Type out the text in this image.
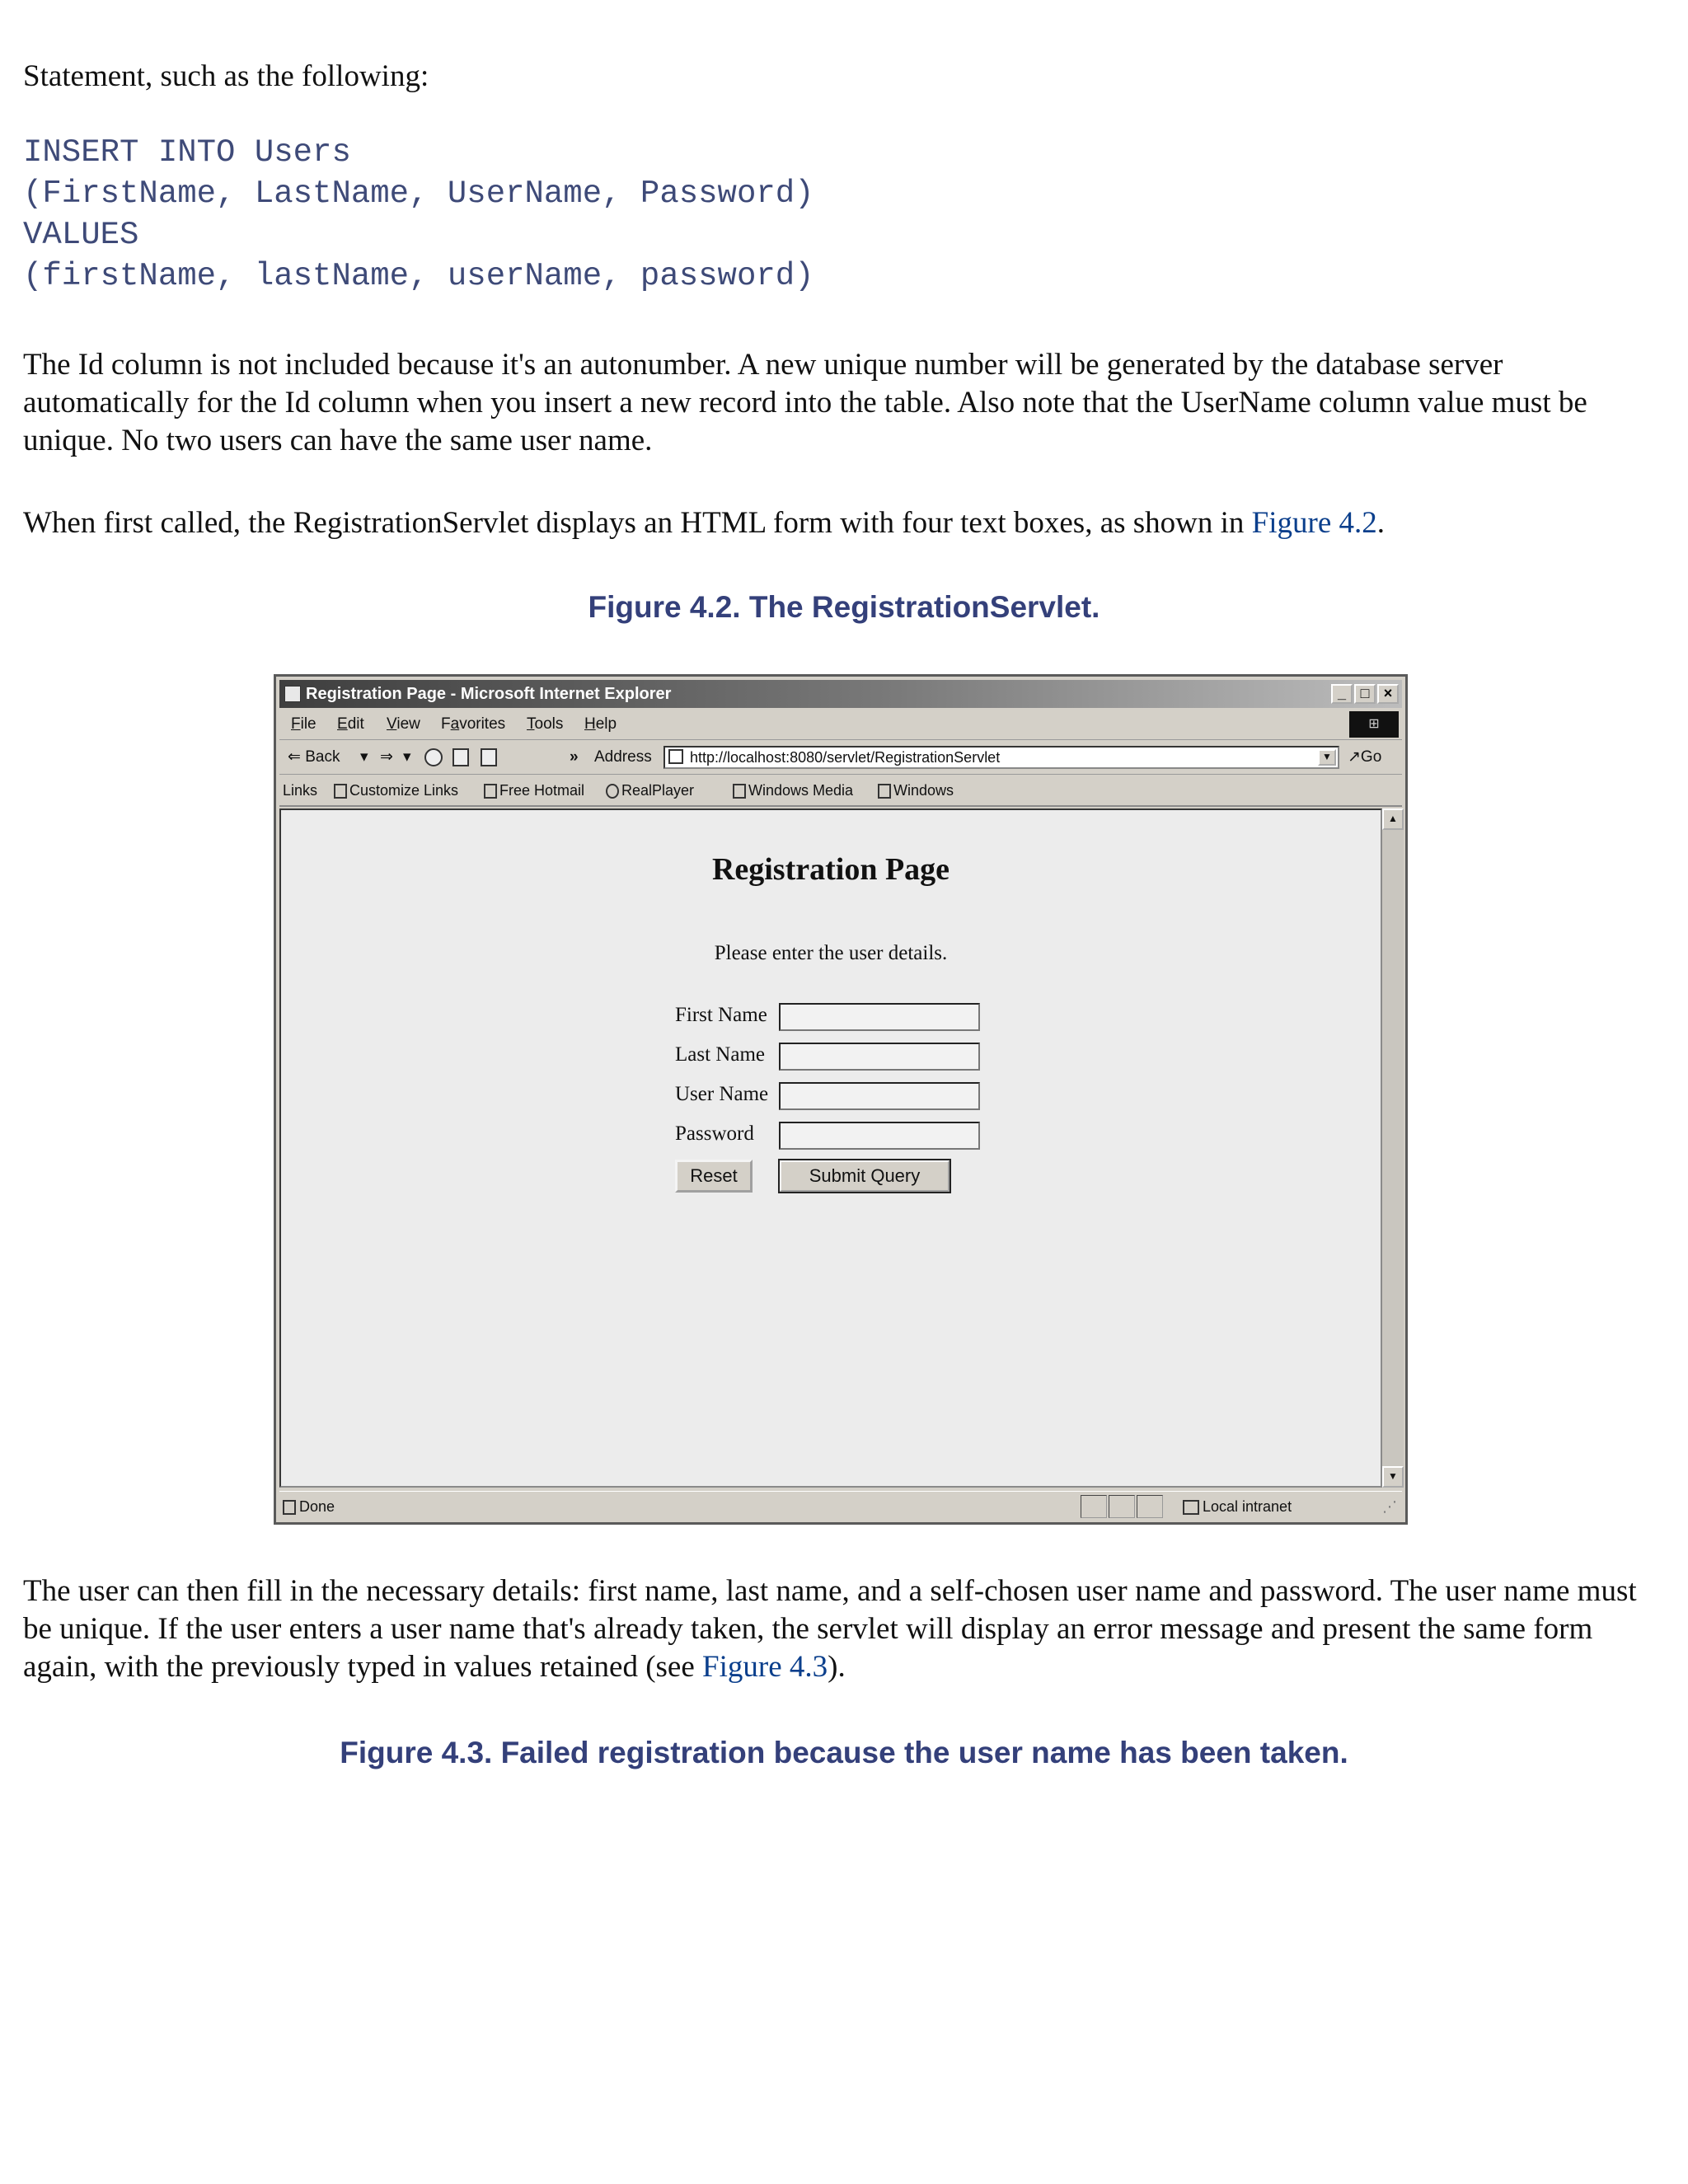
Statement, such as the following:

INSERT INTO Users
(FirstName, LastName, UserName, Password)
VALUES
(firstName, lastName, userName, password)

The Id column is not included because it's an autonumber. A new unique number will be generated by the database server automatically for the Id column when you insert a new record into the table. Also note that the UserName column value must be unique. No two users can have the same user name.

When first called, the RegistrationServlet displays an HTML form with four text boxes, as shown in Figure 4.2.

Figure 4.2. The RegistrationServlet.

Registration Page - Microsoft Internet Explorer	_ □ ×
File Edit View Favorites Tools Help	⊞
⇐ Back ▾ ⇒ ▾	» Address	http://localhost:8080/servlet/RegistrationServlet	▼ ↗Go
Links	Customize Links	Free Hotmail	RealPlayer	Windows Media	Windows
Registration Page

Please enter the user details.

First Name
Last Name
User Name
Password
Reset	Submit Query
▲
▼
Done	Local intranet	⋰

The user can then fill in the necessary details: first name, last name, and a self-chosen user name and password. The user name must be unique. If the user enters a user name that's already taken, the servlet will display an error message and present the same form again, with the previously typed in values retained (see Figure 4.3).

Figure 4.3. Failed registration because the user name has been taken.
